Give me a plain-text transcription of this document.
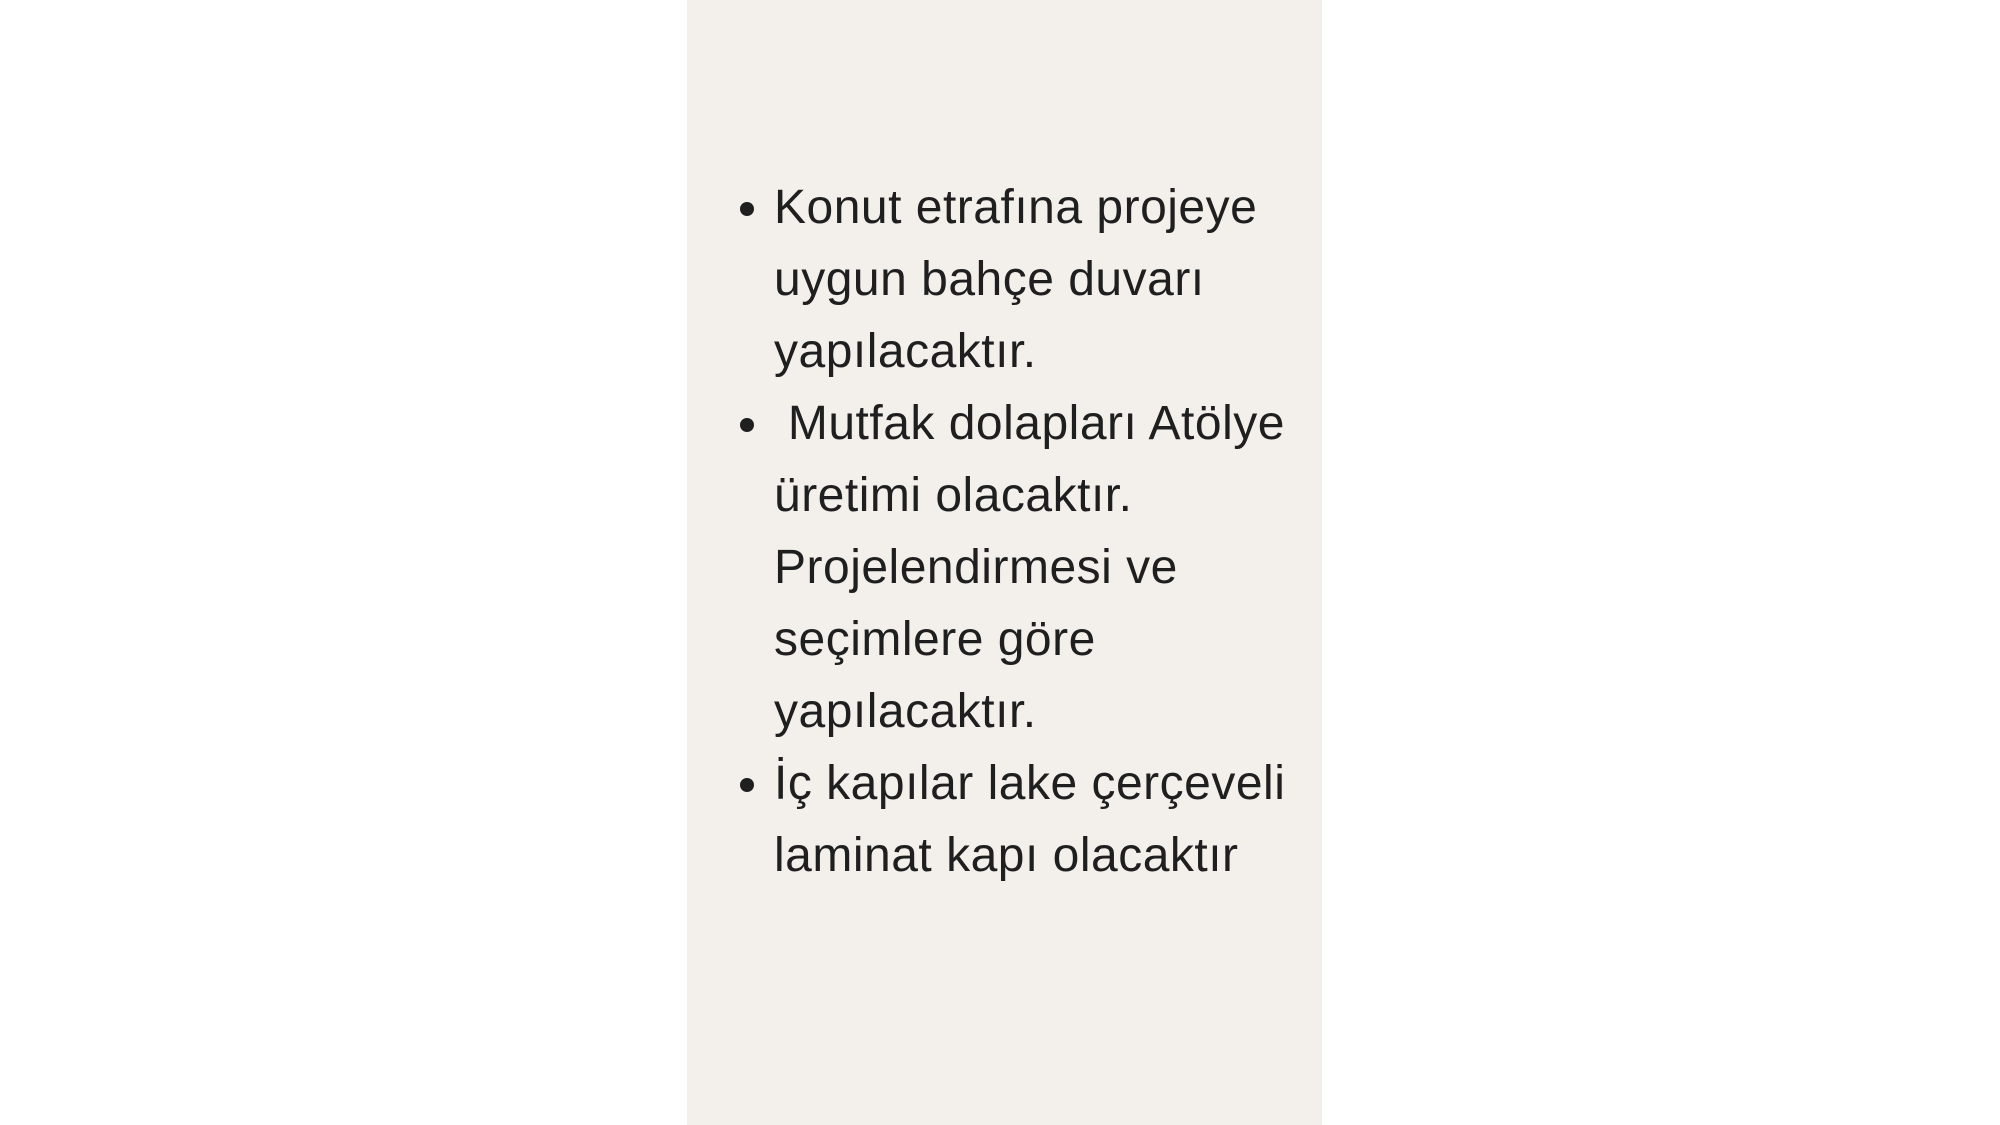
Konut etrafına projeye uygun bahçe duvarı yapılacaktır.
Mutfak dolapları Atölye üretimi olacaktır. Projelendirmesi ve seçimlere göre yapılacaktır.
İç kapılar lake çerçeveli laminat kapı olacaktır
